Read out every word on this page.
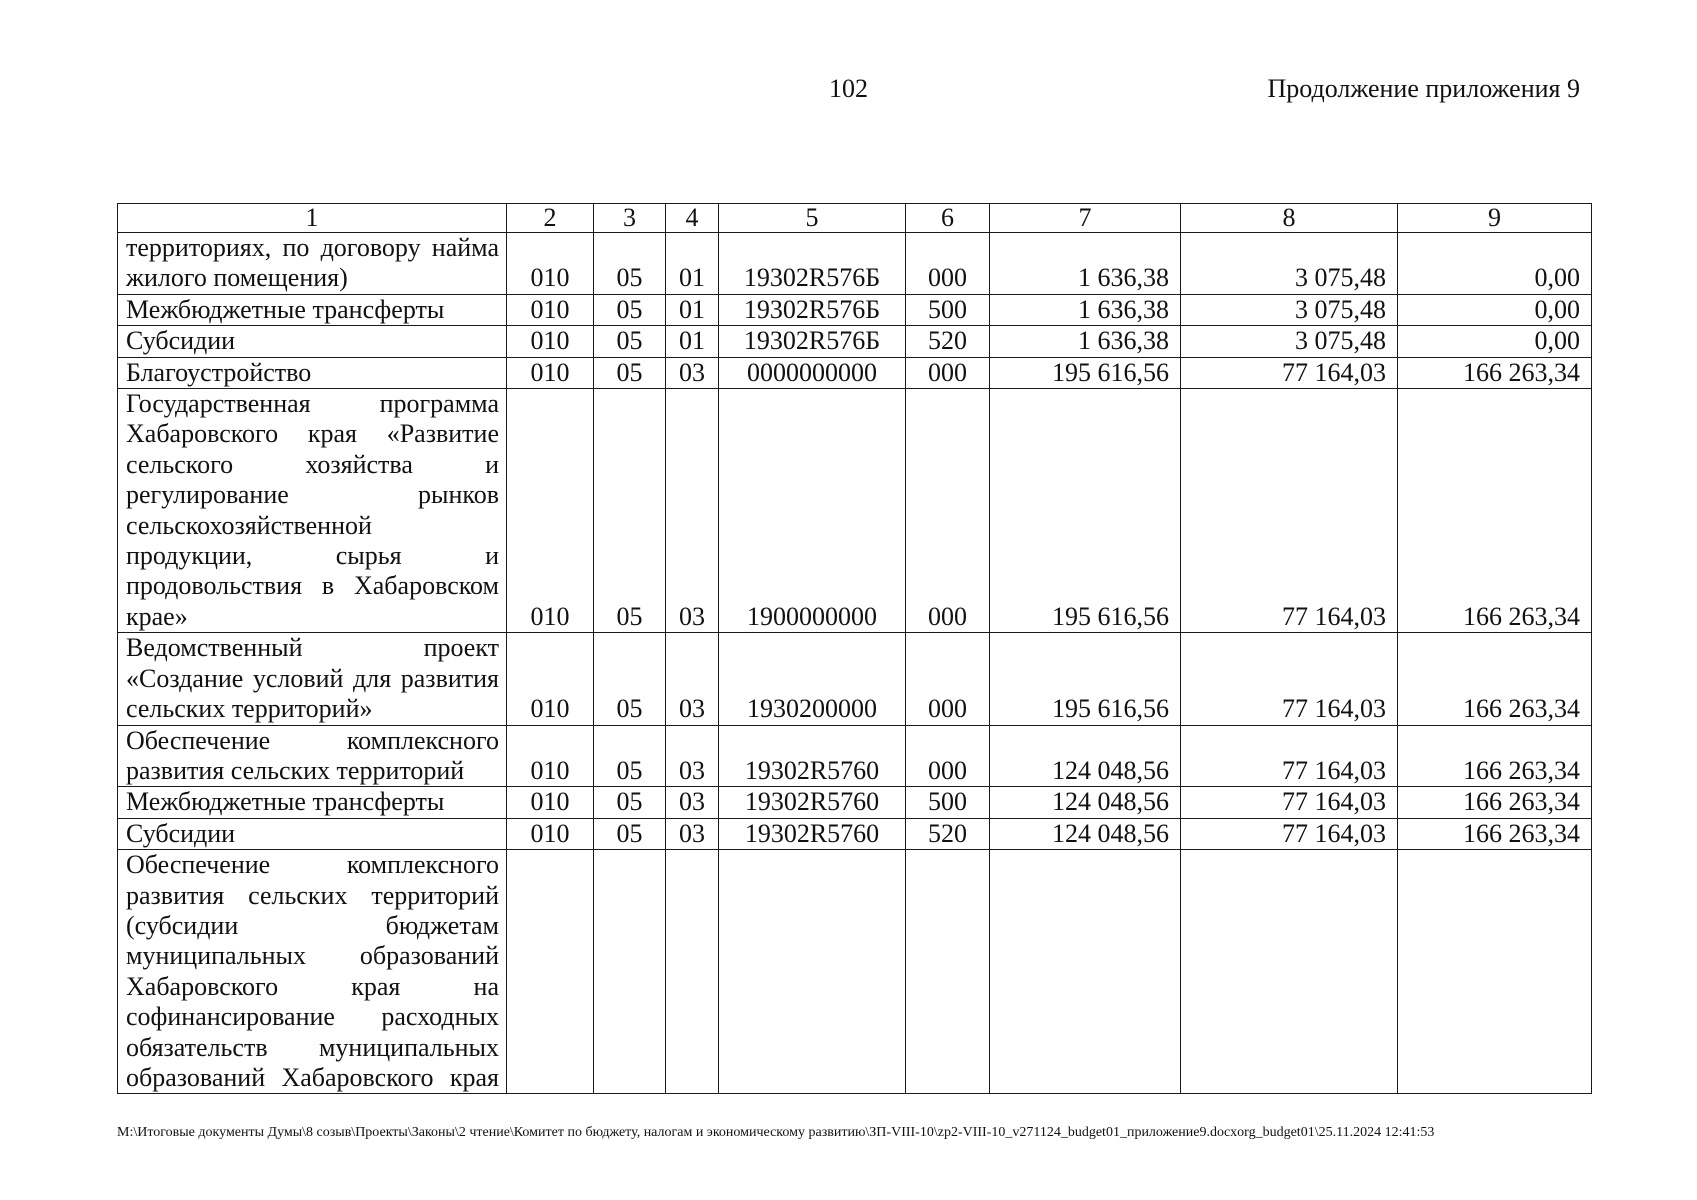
102	Продолжение приложения 9
1	2	3	4	5	6	7	8	9
территориях, по договору найма жилого помещения)	010	05	01	19302R576Б	000	1 636,38	3 075,48	0,00
Межбюджетные трансферты	010	05	01	19302R576Б	500	1 636,38	3 075,48	0,00
Субсидии	010	05	01	19302R576Б	520	1 636,38	3 075,48	0,00
Благоустройство	010	05	03	0000000000	000	195 616,56	77 164,03	166 263,34
Государственная программа Хабаровского края «Развитие сельского хозяйства и регулирование рынков сельскохозяйственной продукции, сырья и продовольствия в Хабаровском крае»	010	05	03	1900000000	000	195 616,56	77 164,03	166 263,34
Ведомственный проект «Создание условий для развития сельских территорий»	010	05	03	1930200000	000	195 616,56	77 164,03	166 263,34
Обеспечение комплексного развития сельских территорий	010	05	03	19302R5760	000	124 048,56	77 164,03	166 263,34
Межбюджетные трансферты	010	05	03	19302R5760	500	124 048,56	77 164,03	166 263,34
Субсидии	010	05	03	19302R5760	520	124 048,56	77 164,03	166 263,34
Обеспечение комплексного развития сельских территорий (субсидии бюджетам муниципальных образований Хабаровского края на софинансирование расходных обязательств муниципальных образований Хабаровского края								
М:\Итоговые документы Думы\8 созыв\Проекты\Законы\2 чтение\Комитет по бюджету, налогам и экономическому развитию\ЗП-VIII-10\zp2-VIII-10_v271124_budget01_приложение9.docxorg_budget01\25.11.2024 12:41:53
